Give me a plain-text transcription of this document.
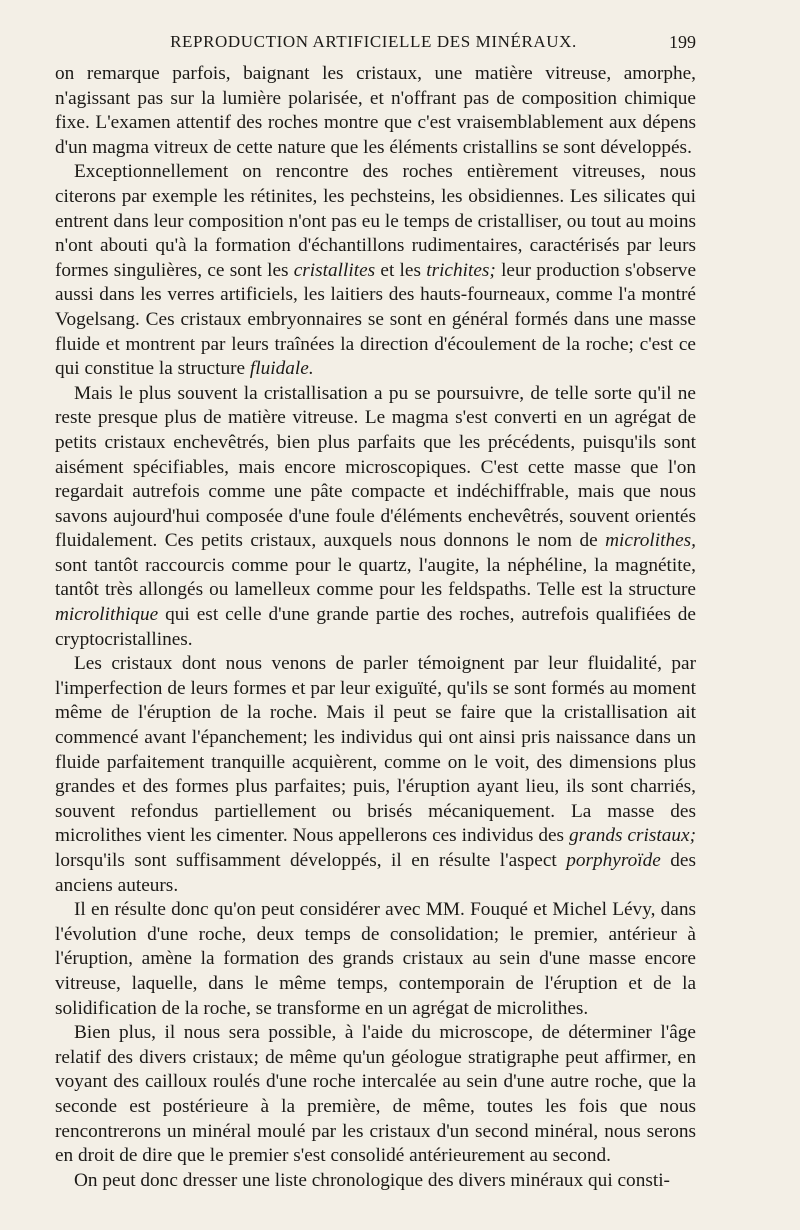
REPRODUCTION ARTIFICIELLE DES MINÉRAUX.	199

on remarque parfois, baignant les cristaux, une matière vitreuse, amorphe, n'agissant pas sur la lumière polarisée, et n'offrant pas de composition chimique fixe. L'examen attentif des roches montre que c'est vraisemblablement aux dépens d'un magma vitreux de cette nature que les éléments cristallins se sont développés.

Exceptionnellement on rencontre des roches entièrement vitreuses, nous citerons par exemple les rétinites, les pechsteins, les obsidiennes. Les silicates qui entrent dans leur composition n'ont pas eu le temps de cristalliser, ou tout au moins n'ont abouti qu'à la formation d'échantillons rudimentaires, caractérisés par leurs formes singulières, ce sont les cristallites et les trichites; leur production s'observe aussi dans les verres artificiels, les laitiers des hauts-fourneaux, comme l'a montré Vogelsang. Ces cristaux embryonnaires se sont en général formés dans une masse fluide et montrent par leurs traînées la direction d'écoulement de la roche; c'est ce qui constitue la structure fluidale.

Mais le plus souvent la cristallisation a pu se poursuivre, de telle sorte qu'il ne reste presque plus de matière vitreuse. Le magma s'est converti en un agrégat de petits cristaux enchevêtrés, bien plus parfaits que les précédents, puisqu'ils sont aisément spécifiables, mais encore microscopiques. C'est cette masse que l'on regardait autrefois comme une pâte compacte et indéchiffrable, mais que nous savons aujourd'hui composée d'une foule d'éléments enchevêtrés, souvent orientés fluidalement. Ces petits cristaux, auxquels nous donnons le nom de microlithes, sont tantôt raccourcis comme pour le quartz, l'augite, la néphéline, la magnétite, tantôt très allongés ou lamelleux comme pour les feldspaths. Telle est la structure microlithique qui est celle d'une grande partie des roches, autrefois qualifiées de cryptocristallines.

Les cristaux dont nous venons de parler témoignent par leur fluidalité, par l'imperfection de leurs formes et par leur exiguïté, qu'ils se sont formés au moment même de l'éruption de la roche. Mais il peut se faire que la cristallisation ait commencé avant l'épanchement; les individus qui ont ainsi pris naissance dans un fluide parfaitement tranquille acquièrent, comme on le voit, des dimensions plus grandes et des formes plus parfaites; puis, l'éruption ayant lieu, ils sont charriés, souvent refondus partiellement ou brisés mécaniquement. La masse des microlithes vient les cimenter. Nous appellerons ces individus des grands cristaux; lorsqu'ils sont suffisamment développés, il en résulte l'aspect porphyroïde des anciens auteurs.

Il en résulte donc qu'on peut considérer avec MM. Fouqué et Michel Lévy, dans l'évolution d'une roche, deux temps de consolidation; le premier, antérieur à l'éruption, amène la formation des grands cristaux au sein d'une masse encore vitreuse, laquelle, dans le même temps, contemporain de l'éruption et de la solidification de la roche, se transforme en un agrégat de microlithes.

Bien plus, il nous sera possible, à l'aide du microscope, de déterminer l'âge relatif des divers cristaux; de même qu'un géologue stratigraphe peut affirmer, en voyant des cailloux roulés d'une roche intercalée au sein d'une autre roche, que la seconde est postérieure à la première, de même, toutes les fois que nous rencontrerons un minéral moulé par les cristaux d'un second minéral, nous serons en droit de dire que le premier s'est consolidé antérieurement au second.

On peut donc dresser une liste chronologique des divers minéraux qui consti-
